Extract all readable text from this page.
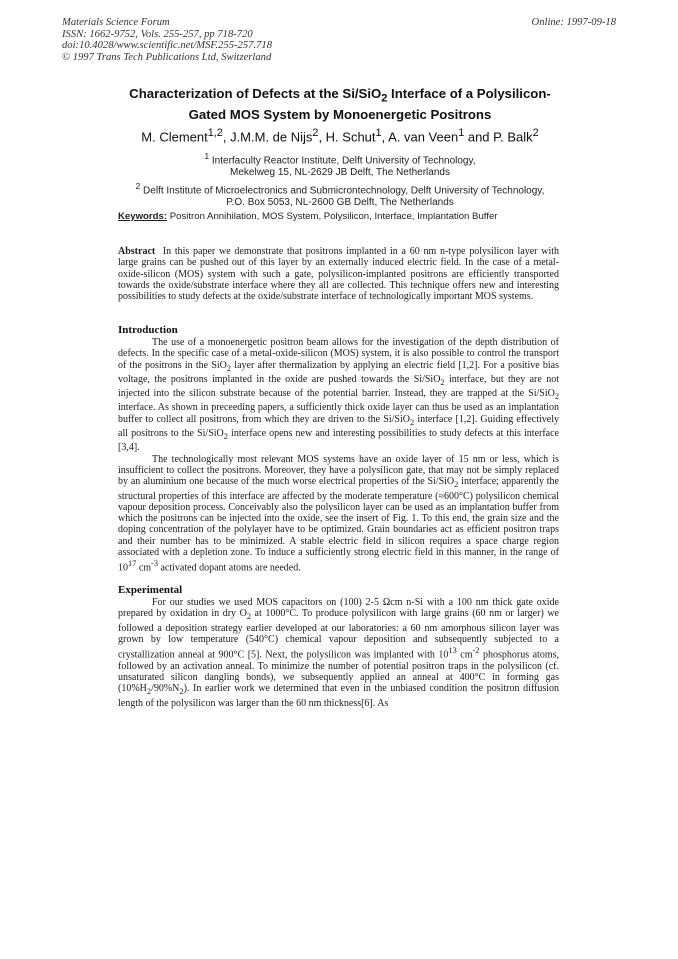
Materials Science Forum
ISSN: 1662-9752, Vols. 255-257, pp 718-720
doi:10.4028/www.scientific.net/MSF.255-257.718
© 1997 Trans Tech Publications Ltd, Switzerland
Online: 1997-09-18
Characterization of Defects at the Si/SiO$_2$ Interface of a Polysilicon-
Gated MOS System by Monoenergetic Positrons
M. Clement$^{1,2}$, J.M.M. de Nijs$^2$, H. Schut$^1$, A. van Veen$^1$ and P. Balk$^2$
$^1$ Interfaculty Reactor Institute, Delft University of Technology,
Mekelweg 15, NL-2629 JB Delft, The Netherlands
$^2$ Delft Institute of Microelectronics and Submicrontechnology, Delft University of Technology,
P.O. Box 5053, NL-2600 GB Delft, The Netherlands
Keywords: Positron Annihilation, MOS System, Polysilicon, Interface, Implantation Buffer

Abstract In this paper we demonstrate that positrons implanted in a 60 nm n-type polysilicon layer with large grains can be pushed out of this layer by an externally induced electric field. In the case of a metal-oxide-silicon (MOS) system with such a gate, polysilicon-implanted positrons are efficiently transported towards the oxide/substrate interface where they all are collected. This technique offers new and interesting possibilities to study defects at the oxide/substrate interface of technologically important MOS systems.

Introduction

The use of a monoenergetic positron beam allows for the investigation of the depth distribution of defects. In the specific case of a metal-oxide-silicon (MOS) system, it is also possible to control the transport of the positrons in the SiO$_2$ layer after thermalization by applying an electric field [1,2]. For a positive bias voltage, the positrons implanted in the oxide are pushed towards the Si/SiO$_2$ interface, but they are not injected into the silicon substrate because of the potential barrier. Instead, they are trapped at the Si/SiO$_2$ interface. As shown in preceeding papers, a sufficiently thick oxide layer can thus be used as an implantation buffer to collect all positrons, from which they are driven to the Si/SiO$_2$ interface [1,2]. Guiding effectively all positrons to the Si/SiO$_2$ interface opens new and interesting possibilities to study defects at this interface [3,4].

The technologically most relevant MOS systems have an oxide layer of 15 nm or less, which is insufficient to collect the positrons. Moreover, they have a polysilicon gate, that may not be simply replaced by an aluminium one because of the much worse electrical properties of the Si/SiO$_2$ interface; apparently the structural properties of this interface are affected by the moderate temperature (≈600°C) polysilicon chemical vapour deposition process. Conceivably also the polysilicon layer can be used as an implantation buffer from which the positrons can be injected into the oxide, see the insert of Fig. 1. To this end, the grain size and the doping concentration of the polylayer have to be optimized. Grain boundaries act as efficient positron traps and their number has to be minimized. A stable electric field in silicon requires a space charge region associated with a depletion zone. To induce a sufficiently strong electric field in this manner, in the range of $10^{17}$ $cm^{-3}$ activated dopant atoms are needed.

Experimental

For our studies we used MOS capacitors on (100) 2-5 Ωcm n-Si with a 100 nm thick gate oxide prepared by oxidation in dry $O_2$ at 1000°C. To produce polysilicon with large grains (60 nm or larger) we followed a deposition strategy earlier developed at our laboratories: a 60 nm amorphous silicon layer was grown by low temperature (540°C) chemical vapour deposition and subsequently subjected to a crystallization anneal at 900°C [5]. Next, the polysilicon was implanted with $10^{13}$ $cm^{-2}$ phosphorus atoms, followed by an activation anneal. To minimize the number of potential positron traps in the polysilicon (cf. unsaturated silicon dangling bonds), we subsequently applied an anneal at 400°C in forming gas $(10\%H_2/90\%N_2)$. In earlier work we determined that even in the unbiased condition the positron diffusion length of the polysilicon was larger than the 60 nm thickness[6]. As
